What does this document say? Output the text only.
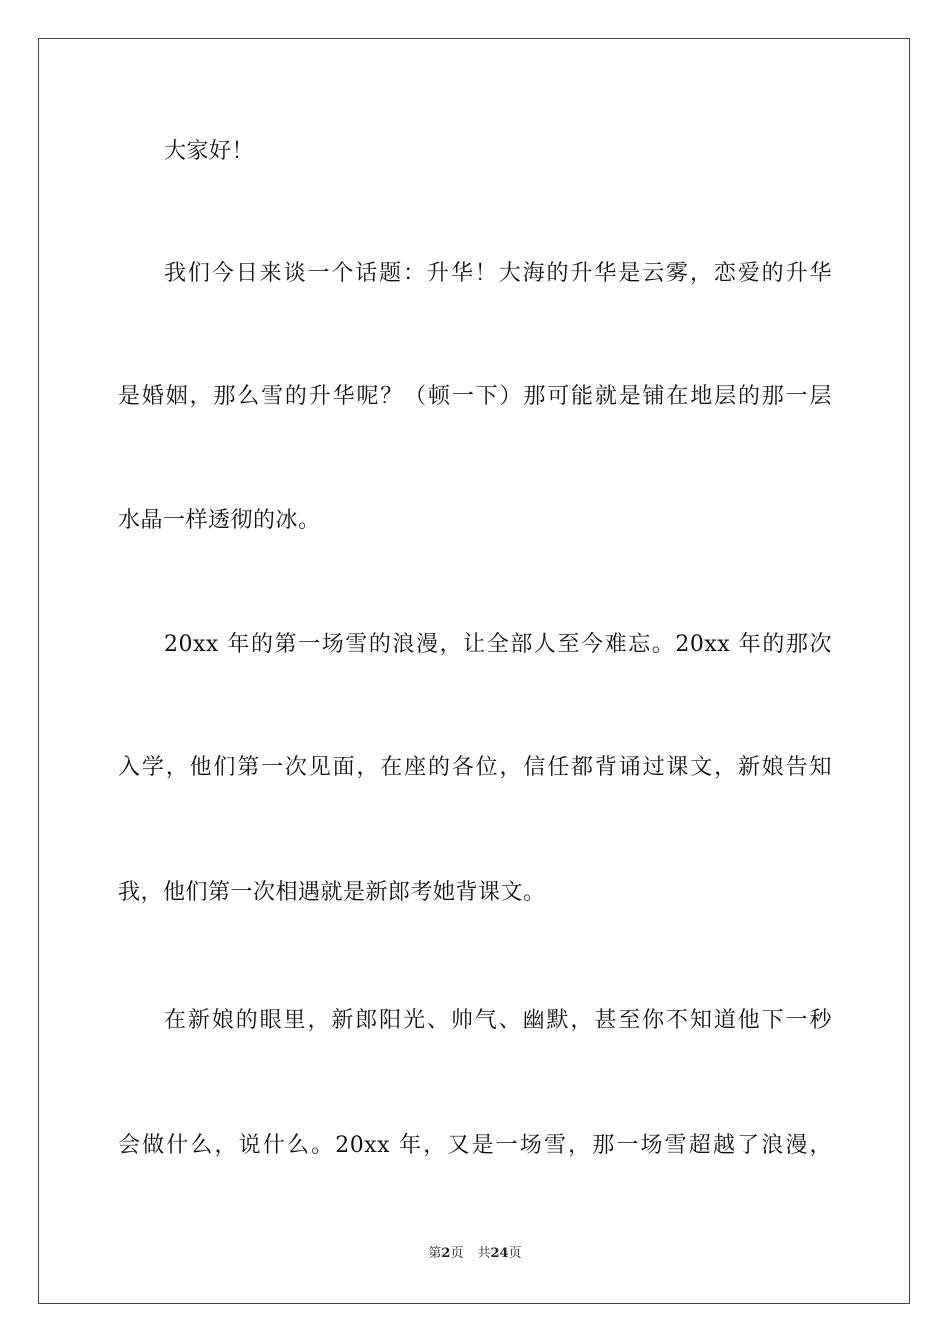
大家好！
我们今日来谈一个话题：升华！大海的升华是云雾，恋爱的升华
是婚姻，那么雪的升华呢？（顿一下）那可能就是铺在地层的那一层
水晶一样透彻的冰。
20xx 年的第一场雪的浪漫，让全部人至今难忘。20xx 年的那次
入学，他们第一次见面，在座的各位，信任都背诵过课文，新娘告知
我，他们第一次相遇就是新郎考她背课文。
在新娘的眼里，新郎阳光、帅气、幽默，甚至你不知道他下一秒
会做什么，说什么。20xx 年，又是一场雪，那一场雪超越了浪漫，
第2页 共24页
